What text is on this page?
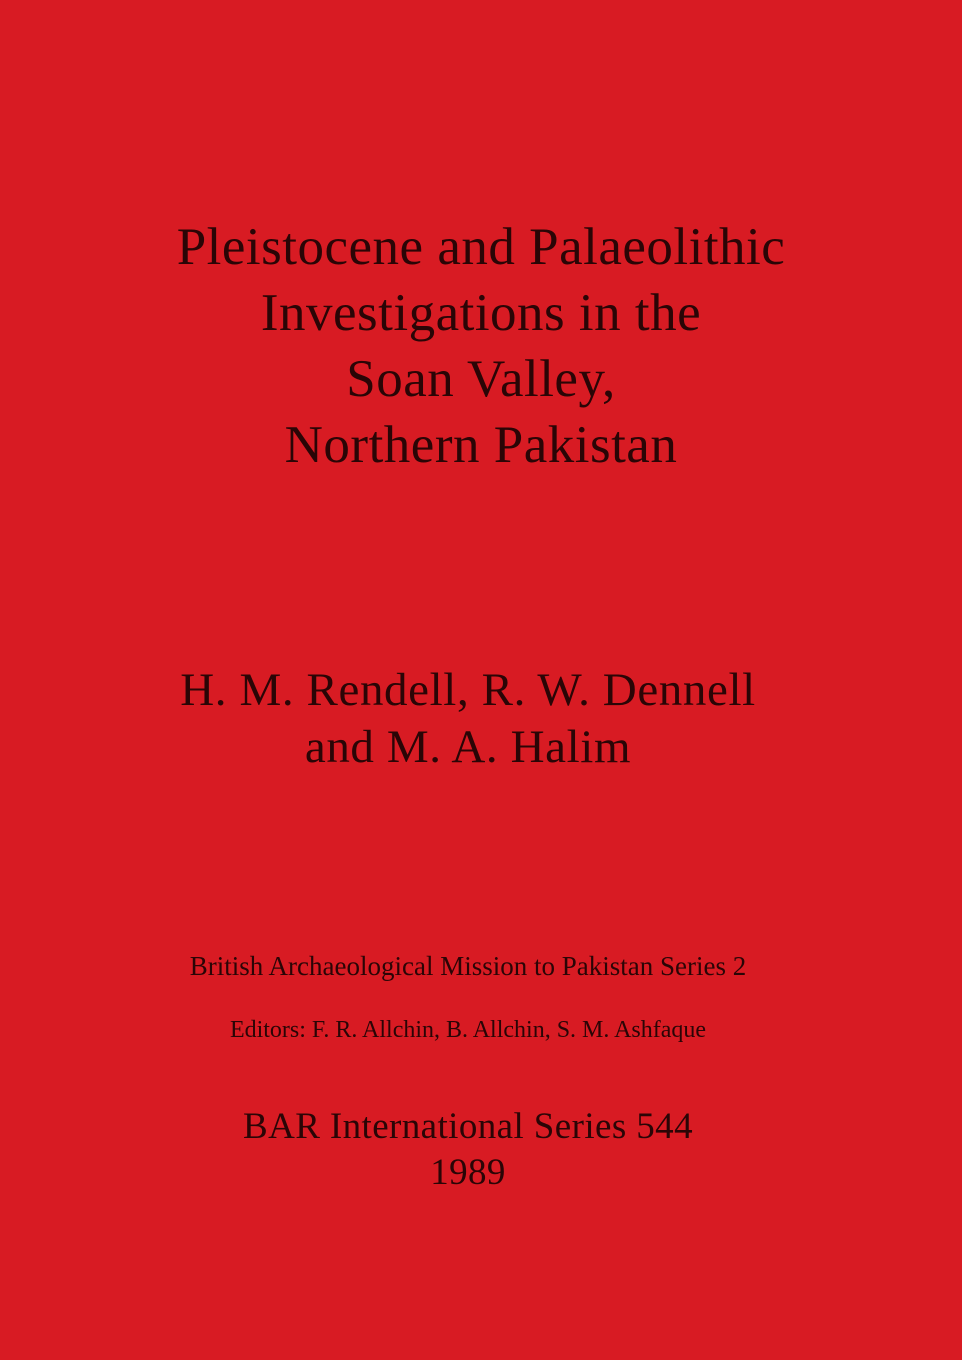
Pleistocene and Palaeolithic
Investigations in the
Soan Valley,
Northern Pakistan
H. M. Rendell, R. W. Dennell
and M. A. Halim
British Archaeological Mission to Pakistan Series 2
Editors: F. R. Allchin, B. Allchin, S. M. Ashfaque
BAR International Series 544
1989
